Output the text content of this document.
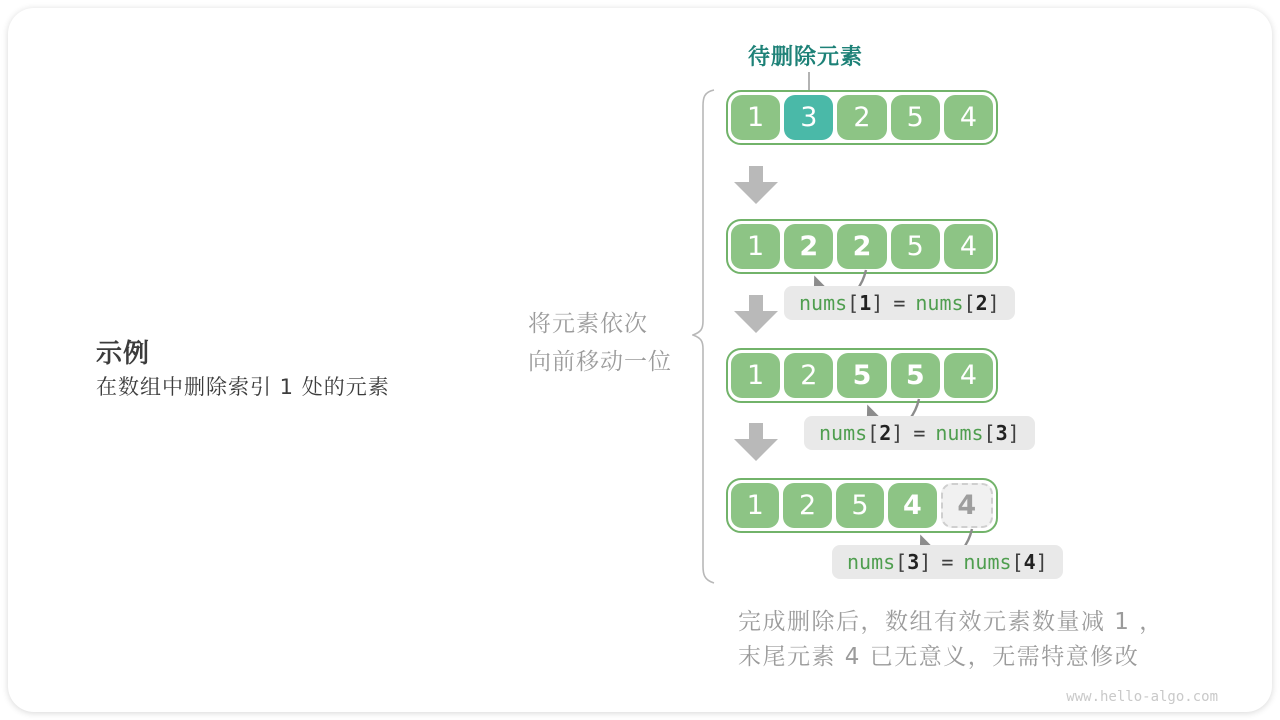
待删除元素
1	3	2	5	4
1	2	2	5	4
nums[1] = nums[2]
1	2	5	5	4
nums[2] = nums[3]
1	2	5	4	4
nums[3] = nums[4]
将元素依次
向前移动一位
示例
在数组中删除索引 1 处的元素
完成删除后，数组有效元素数量减 1 ，
末尾元素 4 已无意义，无需特意修改
www.hello-algo.com
